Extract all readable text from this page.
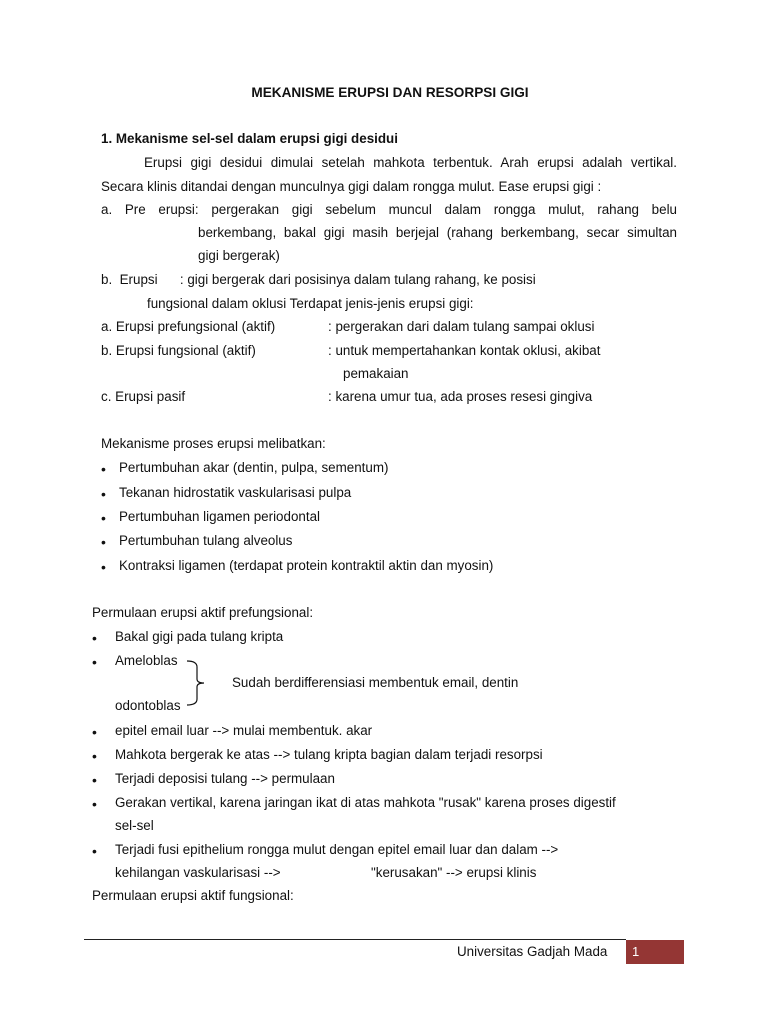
MEKANISME ERUPSI DAN RESORPSI GIGI
1. Mekanisme sel-sel dalam erupsi gigi desidui
Erupsi gigi desidui dimulai setelah mahkota terbentuk. Arah erupsi adalah vertikal.
Secara klinis ditandai dengan munculnya gigi dalam rongga mulut. Ease erupsi gigi :
a. Pre erupsi: pergerakan gigi sebelum muncul dalam rongga mulut, rahang belu
berkembang, bakal gigi masih berjejal (rahang berkembang, secar simultan
gigi bergerak)
b.  Erupsi      : gigi bergerak dari posisinya dalam tulang rahang, ke posisi
fungsional dalam oklusi Terdapat jenis-jenis erupsi gigi:
a. Erupsi prefungsional (aktif)	: pergerakan dari dalam tulang sampai oklusi
b. Erupsi fungsional (aktif)	: untuk mempertahankan kontak oklusi, akibat
pemakaian
c. Erupsi pasif	: karena umur tua, ada proses resesi gingiva
Mekanisme proses erupsi melibatkan:
•
Pertumbuhan akar (dentin, pulpa, sementum)
•
Tekanan hidrostatik vaskularisasi pulpa
•
Pertumbuhan ligamen periodontal
•
Pertumbuhan tulang alveolus
•
Kontraksi ligamen (terdapat protein kontraktil aktin dan myosin)
Permulaan erupsi aktif prefungsional:
•
Bakal gigi pada tulang kripta
•
Ameloblas
Sudah berdifferensiasi membentuk email, dentin
odontoblas
•
epitel email luar --> mulai membentuk. akar
•
Mahkota bergerak ke atas --> tulang kripta bagian dalam terjadi resorpsi
•
Terjadi deposisi tulang --> permulaan
•
Gerakan vertikal, karena jaringan ikat di atas mahkota "rusak" karena proses digestif
sel-sel
•
Terjadi fusi epithelium rongga mulut dengan epitel email luar dan dalam -->
kehilangan vaskularisasi -->	"kerusakan" --> erupsi klinis
Permulaan erupsi aktif fungsional:
Universitas Gadjah Mada 1
